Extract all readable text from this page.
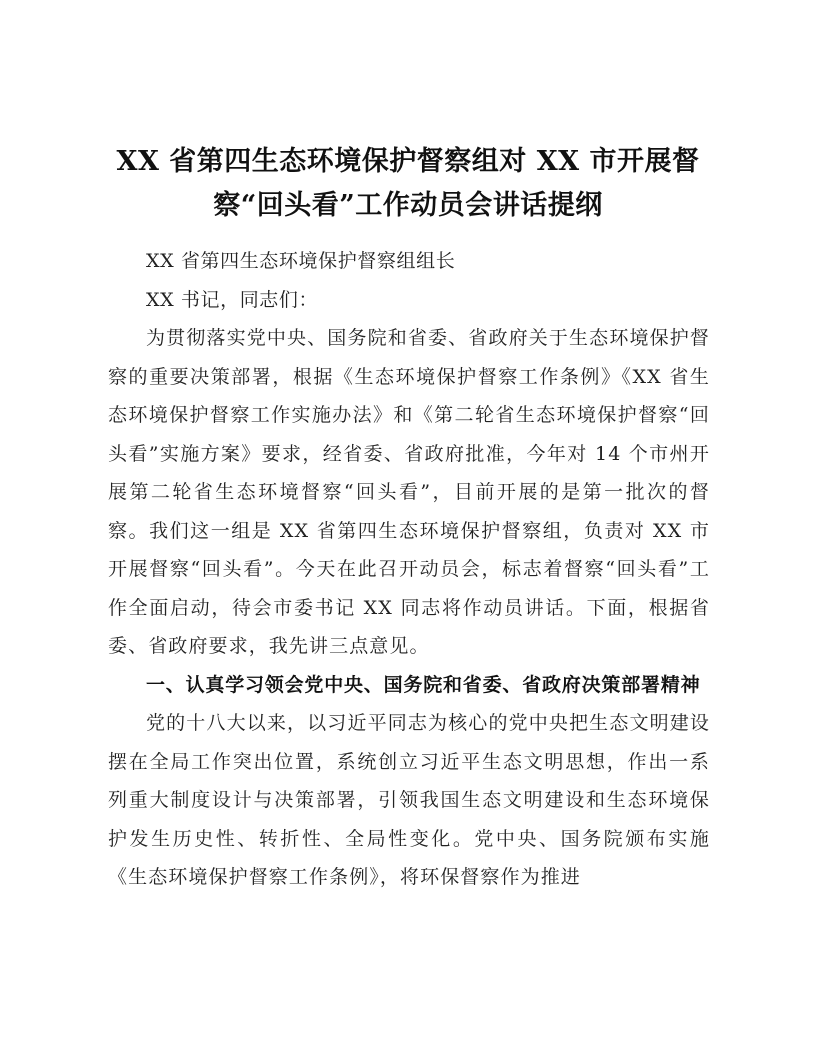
XX 省第四生态环境保护督察组对 XX 市开展督
察“回头看”工作动员会讲话提纲

XX 省第四生态环境保护督察组组长

XX 书记，同志们：

为贯彻落实党中央、国务院和省委、省政府关于生态环境保护督察的重要决策部署，根据《生态环境保护督察工作条例》《XX 省生态环境保护督察工作实施办法》和《第二轮省生态环境保护督察“回头看”实施方案》要求，经省委、省政府批准，今年对 14 个市州开展第二轮省生态环境督察“回头看”，目前开展的是第一批次的督察。我们这一组是 XX 省第四生态环境保护督察组，负责对 XX 市开展督察“回头看”。今天在此召开动员会，标志着督察“回头看”工作全面启动，待会市委书记 XX 同志将作动员讲话。下面，根据省委、省政府要求，我先讲三点意见。

一、认真学习领会党中央、国务院和省委、省政府决策部署精神

党的十八大以来，以习近平同志为核心的党中央把生态文明建设摆在全局工作突出位置，系统创立习近平生态文明思想，作出一系列重大制度设计与决策部署，引领我国生态文明建设和生态环境保护发生历史性、转折性、全局性变化。党中央、国务院颁布实施《生态环境保护督察工作条例》，将环保督察作为推进
